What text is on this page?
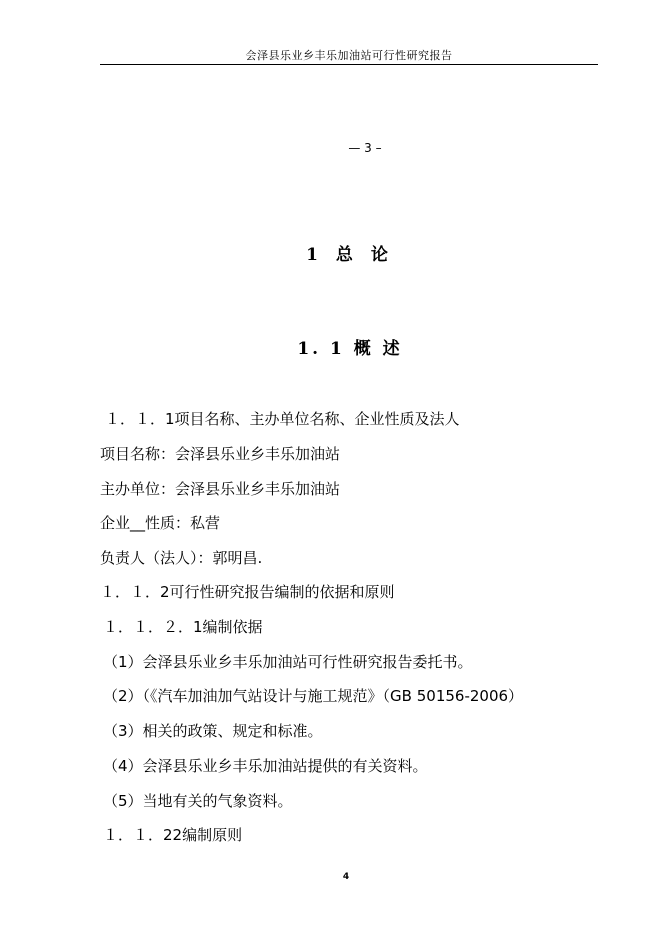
会泽县乐业乡丰乐加油站可行性研究报告
— 3 –
1 总 论
1. 1 概 述
１．１．1项目名称、主办单位名称、企业性质及法人
项目名称：会泽县乐业乡丰乐加油站
主办单位：会泽县乐业乡丰乐加油站
企业__性质：私营
负责人（法人）：郭明昌.
１．１．2可行性研究报告编制的依据和原则
１．１．２．1编制依据
（1）会泽县乐业乡丰乐加油站可行性研究报告委托书。
（2）（《汽车加油加气站设计与施工规范》（GB 50156-2006）
（3）相关的政策、规定和标准。
（4）会泽县乐业乡丰乐加油站提供的有关资料。
（5）当地有关的气象资料。
１．１．22编制原则
4
